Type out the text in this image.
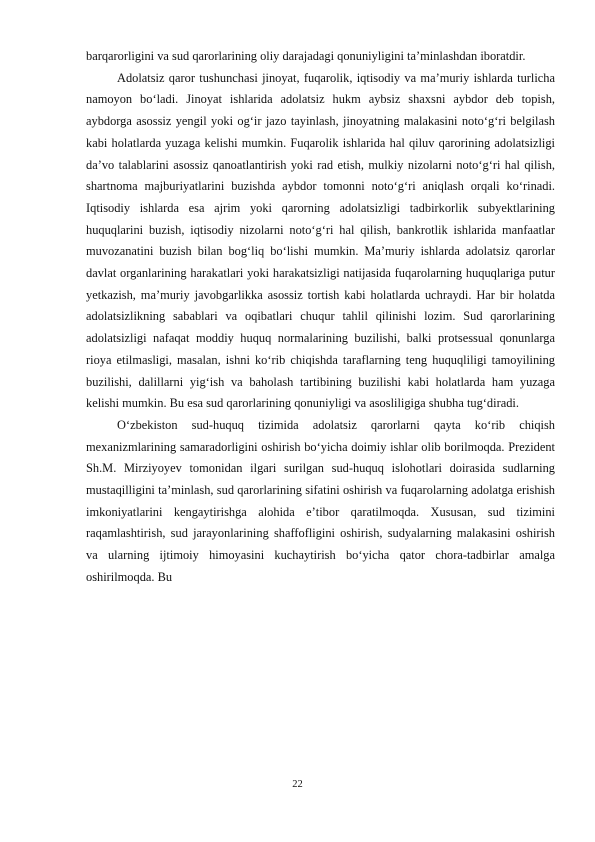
barqarorligini va sud qarorlarining oliy darajadagi qonuniyligini taʼminlashdan iboratdir.

Adolatsiz qaror tushunchasi jinoyat, fuqarolik, iqtisodiy va maʼmuriy ishlarda turlicha namoyon boʻladi. Jinoyat ishlarida adolatsiz hukm aybsiz shaxsni aybdor deb topish, aybdorga asossiz yengil yoki ogʻir jazo tayinlash, jinoyatning malakasini notoʻgʻri belgilash kabi holatlarda yuzaga kelishi mumkin. Fuqarolik ishlarida hal qiluv qarorining adolatsizligi daʼvo talablarini asossiz qanoatlantirish yoki rad etish, mulkiy nizolarni notoʻgʻri hal qilish, shartnoma majburiyatlarini buzishda aybdor tomonni notoʻgʻri aniqlash orqali koʻrinadi. Iqtisodiy ishlarda esa ajrim yoki qarorning adolatsizligi tadbirkorlik subyektlarining huquqlarini buzish, iqtisodiy nizolarni notoʻgʻri hal qilish, bankrotlik ishlarida manfaatlar muvozanatini buzish bilan bogʻliq boʻlishi mumkin. Maʼmuriy ishlarda adolatsiz qarorlar davlat organlarining harakatlari yoki harakatsizligi natijasida fuqarolarning huquqlariga putur yetkazish, maʼmuriy javobgarlikka asossiz tortish kabi holatlarda uchraydi. Har bir holatda adolatsizlikning sabablari va oqibatlari chuqur tahlil qilinishi lozim. Sud qarorlarining adolatsizligi nafaqat moddiy huquq normalarining buzilishi, balki protsessual qonunlarga rioya etilmasligi, masalan, ishni koʻrib chiqishda taraflarning teng huquqliligi tamoyilining buzilishi, dalillarni yigʻish va baholash tartibining buzilishi kabi holatlarda ham yuzaga kelishi mumkin. Bu esa sud qarorlarining qonuniyligi va asosliligiga shubha tugʻdiradi.

Oʻzbekiston sud-huquq tizimida adolatsiz qarorlarni qayta koʻrib chiqish mexanizmlarining samaradorligini oshirish boʻyicha doimiy ishlar olib borilmoqda. Prezident Sh.M. Mirziyoyev tomonidan ilgari surilgan sud-huquq islohotlari doirasida sudlarning mustaqilligini taʼminlash, sud qarorlarining sifatini oshirish va fuqarolarning adolatga erishish imkoniyatlarini kengaytirishga alohida eʼtibor qaratilmoqda. Xususan, sud tizimini raqamlashtirish, sud jarayonlarining shaffofligini oshirish, sudyalarning malakasini oshirish va ularning ijtimoiy himoyasini kuchaytirish boʻyicha qator chora-tadbirlar amalga oshirilmoqda. Bu

22
